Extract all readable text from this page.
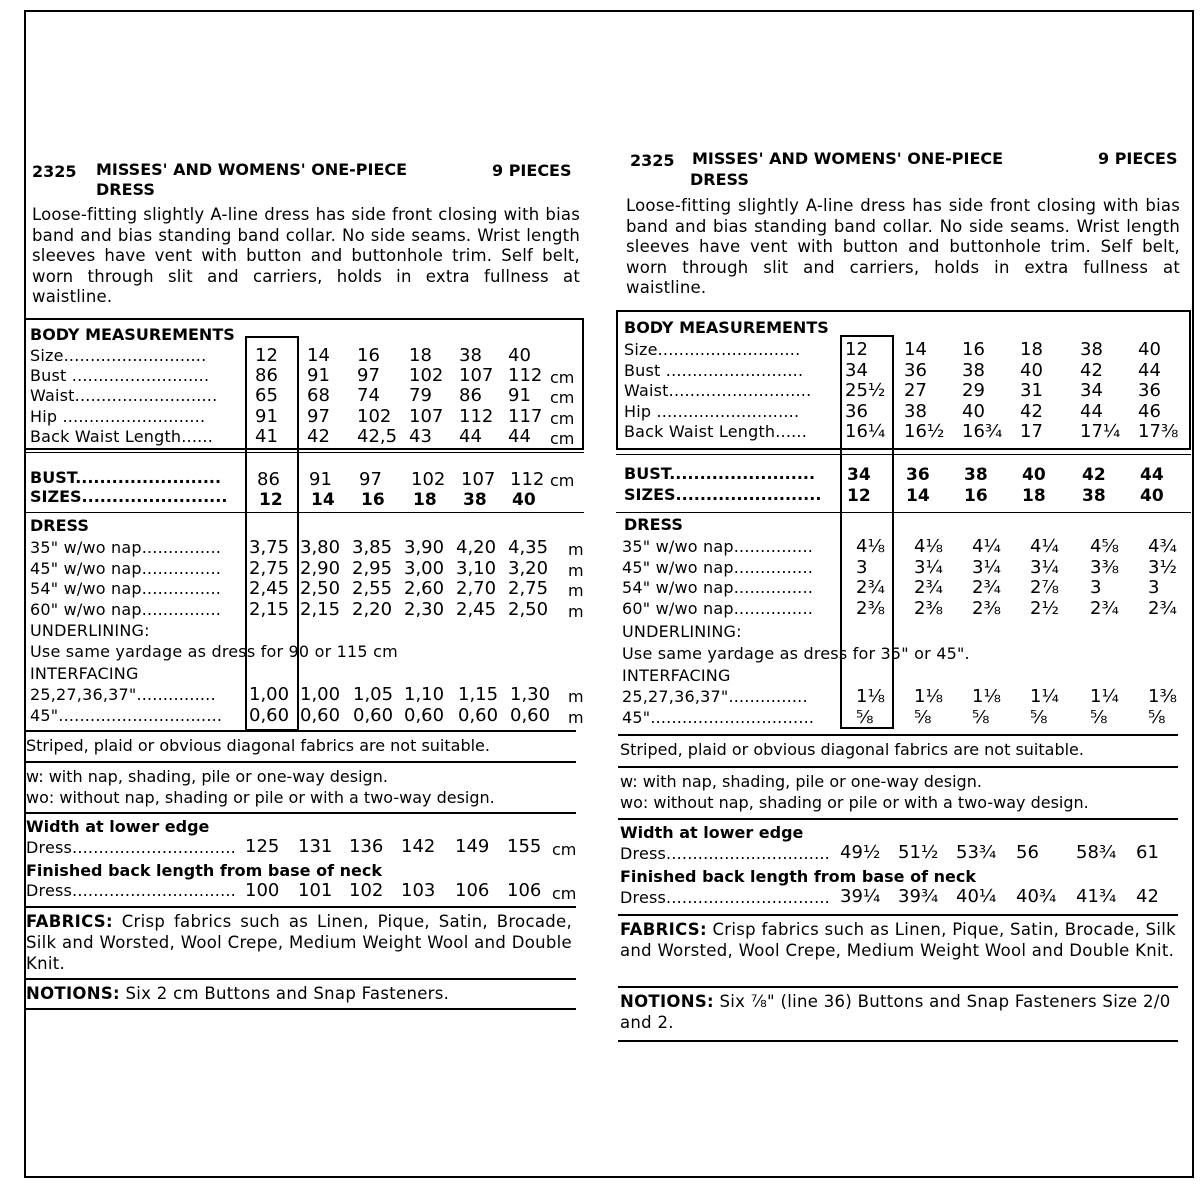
2325 MISSES' AND WOMENS' ONE-PIECE
DRESS
9 PIECES
Loose-fitting slightly A-line dress has side front closing with bias band and bias standing band collar. No side seams. Wrist length sleeves have vent with button and buttonhole trim. Self belt, worn through slit and carriers, holds in extra fullness at waistline.
BODY MEASUREMENTS
Size...........................	12 14 16 18 38 40
Bust ..........................	86 91 97 102 107 112 cm
Waist........................... 65 68 74 79 86 91 cm
Hip ...........................	91 97 102 107 112 117 cm
Back Waist Length...... 41 42 42,5 43 44 44 cm
BUST........................ 86 91 97 102 107 112 cm
SIZES........................ 12 14 16 18 38 40
DRESS
35" w/wo nap............... 3,75 3,80 3,85 3,90 4,20 4,35 m
45" w/wo nap............... 2,75 2,90 2,95 3,00 3,10 3,20 m
54" w/wo nap............... 2,45 2,50 2,55 2,60 2,70 2,75 m
60" w/wo nap............... 2,15 2,15 2,20 2,30 2,45 2,50 m
UNDERLINING:
Use same yardage as dress for 90 or 115 cm
INTERFACING
25,27,36,37"............... 1,00 1,00 1,05 1,10 1,15 1,30 m
45"............................... 0,60 0,60 0,60 0,60 0,60 0,60 m
Striped, plaid or obvious diagonal fabrics are not suitable.
w: with nap, shading, pile or one-way design.
wo: without nap, shading or pile or with a two-way design.
Width at lower edge
Dress............................... 125 131 136 142 149 155 cm
Finished back length from base of neck
Dress............................... 100 101 102 103 106 106 cm
FABRICS: Crisp fabrics such as Linen, Pique, Satin, Brocade, Silk and Worsted, Wool Crepe, Medium Weight Wool and Double Knit.
NOTIONS: Six 2 cm Buttons and Snap Fasteners.
2325 MISSES' AND WOMENS' ONE-PIECE
DRESS
9 PIECES
Loose-fitting slightly A-line dress has side front closing with bias band and bias standing band collar. No side seams. Wrist length sleeves have vent with button and buttonhole trim. Self belt, worn through slit and carriers, holds in extra fullness at waistline.
BODY MEASUREMENTS
Size........................... 12 14 16 18 38 40
Bust .......................... 34 36 38 40 42 44
Waist........................... 25½ 27 29 31 34 36
Hip ...........................	36 38 40 42 44 46
Back Waist Length...... 16¼ 16½ 16¾ 17 17¼ 17⅜
BUST........................ 34 36 38 40 42 44
SIZES........................ 12 14 16 18 38 40
DRESS
35" w/wo nap............... 4⅛ 4⅛ 4¼ 4¼ 4⅝ 4¾
45" w/wo nap............... 3	3¼ 3¼ 3¼ 3⅜ 3½
54" w/wo nap............... 2¾ 2¾ 2¾ 2⅞ 3	3
60" w/wo nap............... 2⅜ 2⅜ 2⅜ 2½ 2¾ 2¾
UNDERLINING:
Use same yardage as dress for 35" or 45".
INTERFACING
25,27,36,37"...............	1⅛ 1⅛ 1⅛ 1¼ 1¼ 1⅜
45"............................... ⅝ ⅝ ⅝ ⅝ ⅝ ⅝
Striped, plaid or obvious diagonal fabrics are not suitable.
w: with nap, shading, pile or one-way design.
wo: without nap, shading or pile or with a two-way design.
Width at lower edge
Dress............................... 49½ 51½ 53¾ 56 58¾ 61
Finished back length from base of neck
Dress............................... 39¼ 39¾ 40¼ 40¾ 41¾ 42
FABRICS: Crisp fabrics such as Linen, Pique, Satin, Brocade, Silk and Worsted, Wool Crepe, Medium Weight Wool and Double Knit.
NOTIONS: Six ⅞" (line 36) Buttons and Snap Fasteners Size 2/0 and 2.
